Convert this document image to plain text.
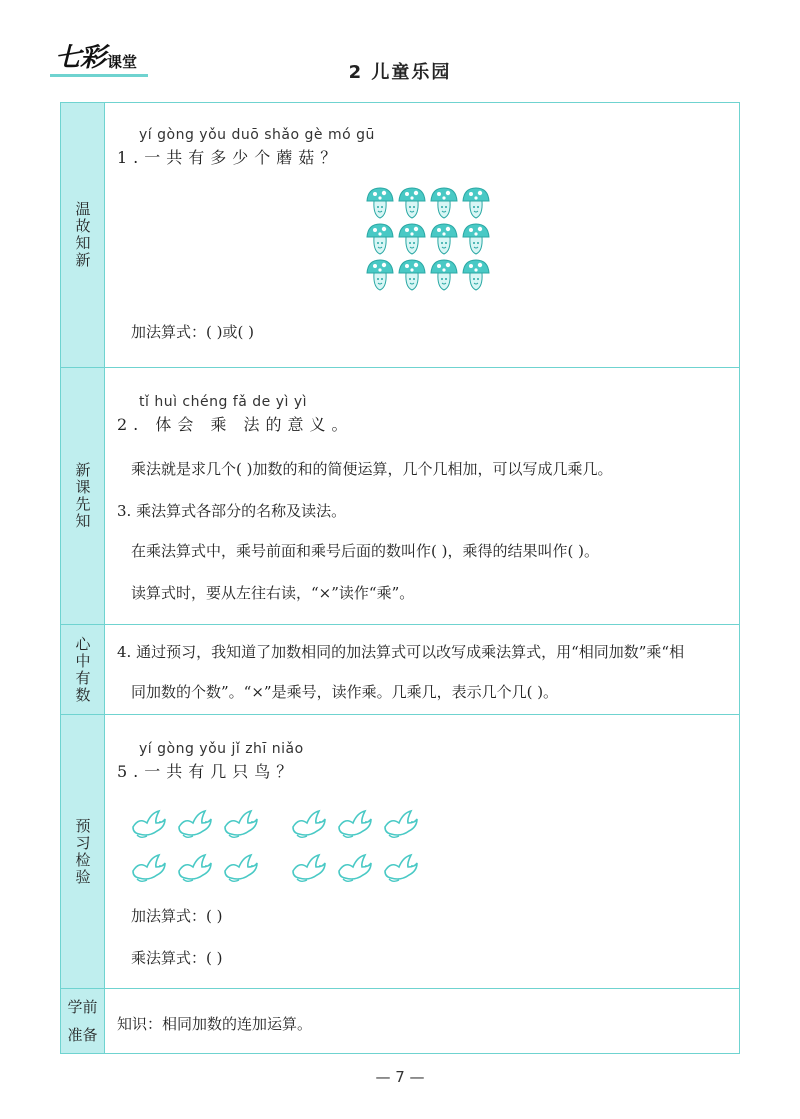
七彩 课堂	2 儿童乐园
温故知新
yí gòng yǒu duō shǎo gè mó gū
1.一共有多少个蘑菇？
加法算式：( )或( )
新课先知
tǐ huì chéng fǎ de yì yì
2. 体会 乘 法的意义。
乘法就是求几个( )加数的和的简便运算，几个几相加，可以写成几乘几。
3. 乘法算式各部分的名称及读法。
在乘法算式中，乘号前面和乘号后面的数叫作( )，乘得的结果叫作( )。
读算式时，要从左往右读，“×”读作“乘”。
心中有数 4. 通过预习，我知道了加数相同的加法算式可以改写成乘法算式，用“相同加数”乘“相
同加数的个数”。“×”是乘号，读作乘。几乘几，表示几个几( )。
预习检验
yí gòng yǒu jǐ zhī niǎo
5.一共有几只鸟？
加法算式：( )
乘法算式：( )
学前
准备
知识：相同加数的连加运算。
— 7 —
